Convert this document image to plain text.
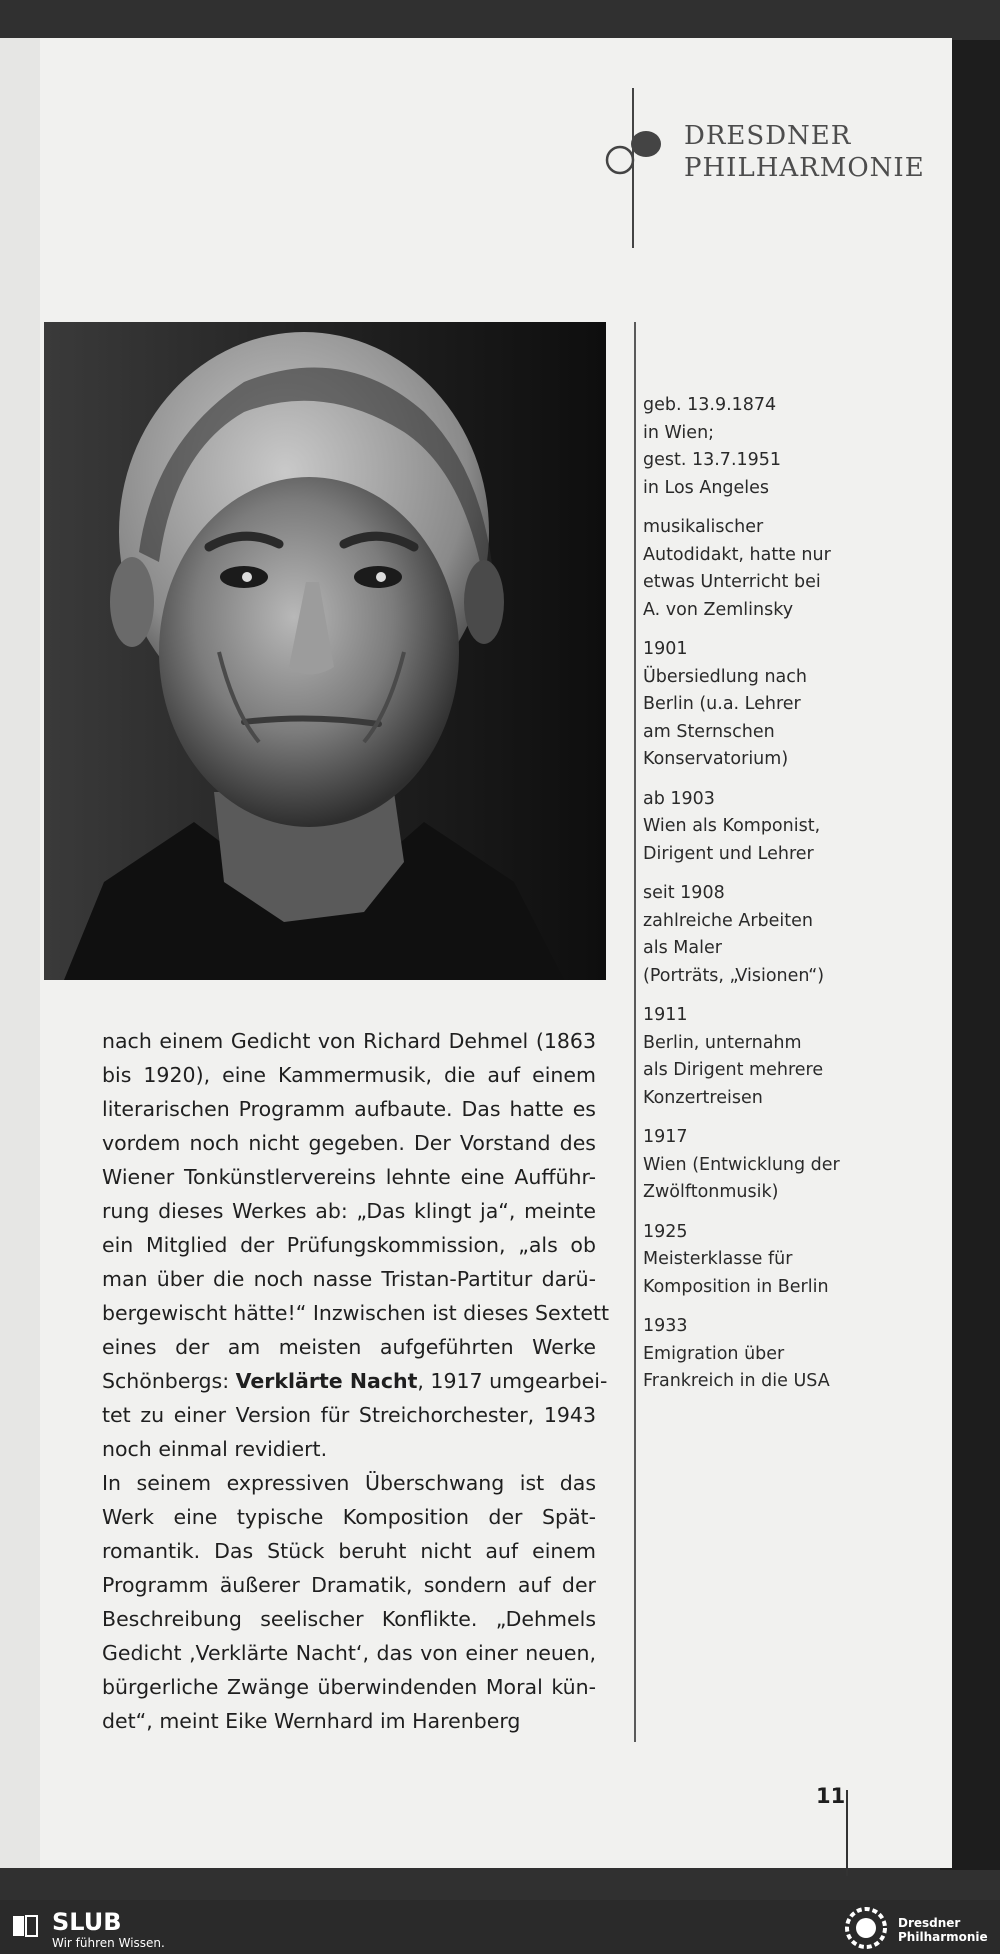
DRESDNER
PHILHARMONIE
geb. 13.9.1874
in Wien;
gest. 13.7.1951
in Los Angeles
musikalischer
Autodidakt, hatte nur
etwas Unterricht bei
A. von Zemlinsky
1901
Übersiedlung nach
Berlin (u.a. Lehrer
am Sternschen
Konservatorium)
ab 1903
Wien als Komponist,
Dirigent und Lehrer
seit 1908
zahlreiche Arbeiten
als Maler
(Porträts, „Visionen“)
1911
Berlin, unternahm
als Dirigent mehrere
Konzertreisen
1917
Wien (Entwicklung der
Zwölftonmusik)
1925
Meisterklasse für
Komposition in Berlin
1933
Emigration über
Frankreich in die USA
nach einem Gedicht von Richard Dehmel (1863
bis 1920), eine Kammermusik, die auf einem
literarischen Programm aufbaute. Das hatte es
vordem noch nicht gegeben. Der Vorstand des
Wiener Tonkünstlervereins lehnte eine Aufführ-
rung dieses Werkes ab: „Das klingt ja“, meinte
ein Mitglied der Prüfungskommission, „als ob
man über die noch nasse Tristan-Partitur darü-
bergewischt hätte!“ Inzwischen ist dieses Sextett
eines der am meisten aufgeführten Werke
Schönbergs: Verklärte Nacht, 1917 umgearbei-
tet zu einer Version für Streichorchester, 1943
noch einmal revidiert.
In seinem expressiven Überschwang ist das
Werk eine typische Komposition der Spät-
romantik. Das Stück beruht nicht auf einem
Programm äußerer Dramatik, sondern auf der
Beschreibung seelischer Konflikte. „Dehmels
Gedicht ‚Verklärte Nacht‘, das von einer neuen,
bürgerliche Zwänge überwindenden Moral kün-
det“, meint Eike Wernhard im Harenberg
11
SLUB
Wir führen Wissen.
Dresdner
Philharmonie
